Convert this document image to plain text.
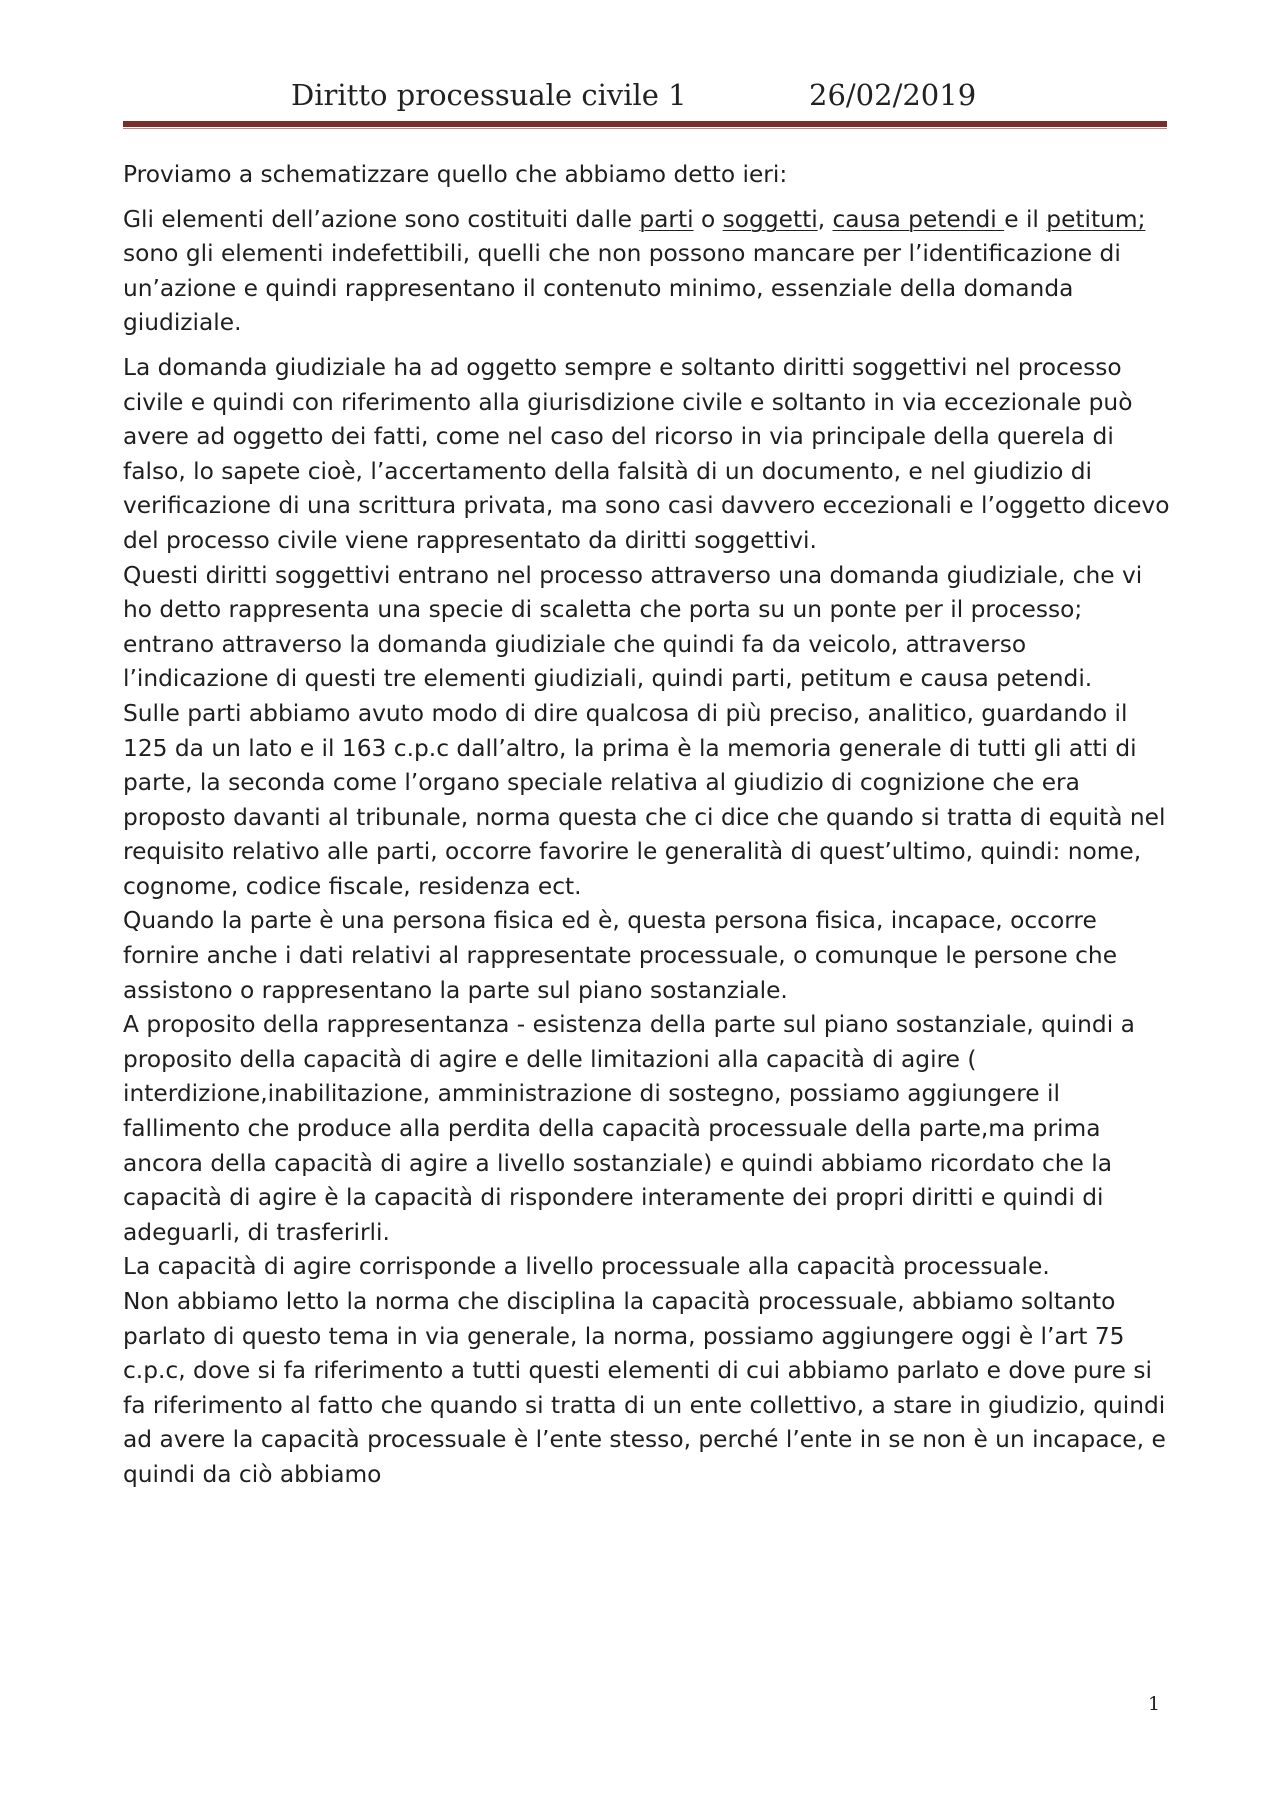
Diritto processuale civile 1	26/02/2019

Proviamo a schematizzare quello che abbiamo detto ieri:

Gli elementi dell’azione sono costituiti dalle parti o soggetti, causa petendi e il petitum; sono gli elementi indefettibili, quelli che non possono mancare per l’identificazione di un’azione e quindi rappresentano il contenuto minimo, essenziale della domanda giudiziale.

La domanda giudiziale ha ad oggetto sempre e soltanto diritti soggettivi nel processo civile e quindi con riferimento alla giurisdizione civile e soltanto in via eccezionale può avere ad oggetto dei fatti, come nel caso del ricorso in via principale della querela di falso, lo sapete cioè, l’accertamento della falsità di un documento, e nel giudizio di verificazione di una scrittura privata, ma sono casi davvero eccezionali e l’oggetto dicevo del processo civile viene rappresentato da diritti soggettivi.

Questi diritti soggettivi entrano nel processo attraverso una domanda giudiziale, che vi ho detto rappresenta una specie di scaletta che porta su un ponte per il processo; entrano attraverso la domanda giudiziale che quindi fa da veicolo, attraverso l’indicazione di questi tre elementi giudiziali, quindi parti, petitum e causa petendi.

Sulle parti abbiamo avuto modo di dire qualcosa di più preciso, analitico, guardando il 125 da un lato e il 163 c.p.c dall’altro, la prima è la memoria generale di tutti gli atti di parte, la seconda come l’organo speciale relativa al giudizio di cognizione che era proposto davanti al tribunale, norma questa che ci dice che quando si tratta di equità nel requisito relativo alle parti, occorre favorire le generalità di quest’ultimo, quindi: nome, cognome, codice fiscale, residenza ect.

Quando la parte è una persona fisica ed è, questa persona fisica, incapace, occorre fornire anche i dati relativi al rappresentate processuale, o comunque le persone che assistono o rappresentano la parte sul piano sostanziale.

A proposito della rappresentanza - esistenza della parte sul piano sostanziale, quindi a proposito della capacità di agire e delle limitazioni alla capacità di agire ( interdizione,inabilitazione, amministrazione di sostegno, possiamo aggiungere il fallimento che produce alla perdita della capacità processuale della parte,ma prima ancora della capacità di agire a livello sostanziale) e quindi abbiamo ricordato che la capacità di agire è la capacità di rispondere interamente dei propri diritti e quindi di adeguarli, di trasferirli.

La capacità di agire corrisponde a livello processuale alla capacità processuale.

Non abbiamo letto la norma che disciplina la capacità processuale, abbiamo soltanto parlato di questo tema in via generale, la norma, possiamo aggiungere oggi è l’art 75 c.p.c, dove si fa riferimento a tutti questi elementi di cui abbiamo parlato e dove pure si fa riferimento al fatto che quando si tratta di un ente collettivo, a stare in giudizio, quindi ad avere la capacità processuale è l’ente stesso, perché l’ente in se non è un incapace, e quindi da ciò abbiamo

1
